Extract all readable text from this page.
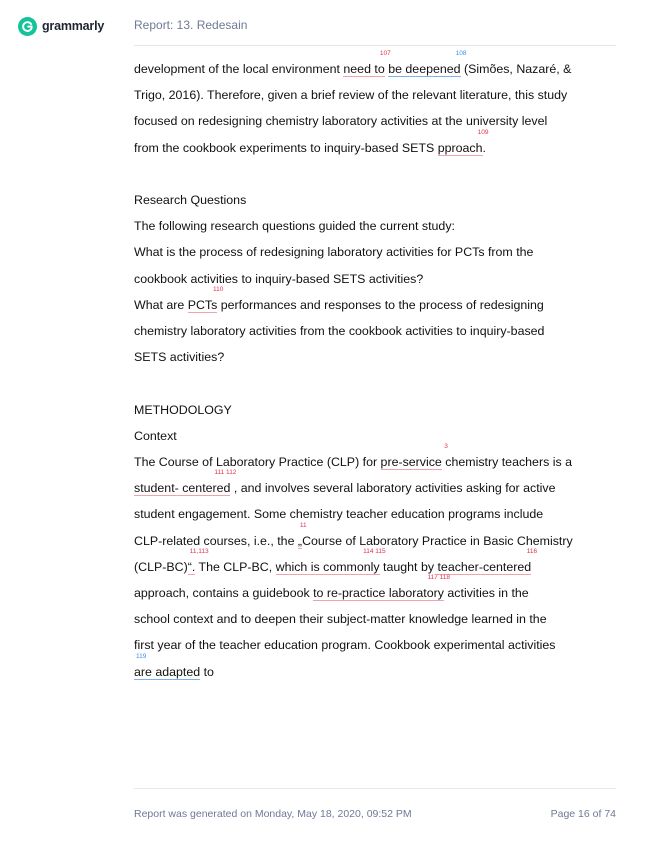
grammarly Report: 13. Redesain

development of the local environment need to
107
be deepened
108
(Simões, Nazaré, &

Trigo, 2016). Therefore, given a brief review of the relevant literature, this study

focused on redesigning chemistry laboratory activities at the university level

from the cookbook experiments to inquiry-based SETS pproach
109
.

Research Questions

The following research questions guided the current study:

What is the process of redesigning laboratory activities for PCTs from the

cookbook activities to inquiry-based SETS activities?

What are PCTs
110
performances and responses to the process of redesigning

chemistry laboratory activities from the cookbook activities to inquiry-based

SETS activities?

METHODOLOGY

Context

The Course of Laboratory Practice (CLP) for pre-service
3
chemistry teachers is a

student- centered
111 112
, and involves several laboratory activities asking for active

student engagement. Some chemistry teacher education programs include

CLP-related courses, i.e., the „
11
Course of Laboratory Practice in Basic Chemistry

(CLP-BC)“.
11,113
The CLP-BC, which is commonly
114 115
taught by teacher-centered
116

approach, contains a guidebook to re-practice laboratory
117 118
activities in the

school context and to deepen their subject-matter knowledge learned in the

first year of the teacher education program. Cookbook experimental activities

are adapted
119
to

Report was generated on Monday, May 18, 2020, 09:52 PM	Page 16 of 74
